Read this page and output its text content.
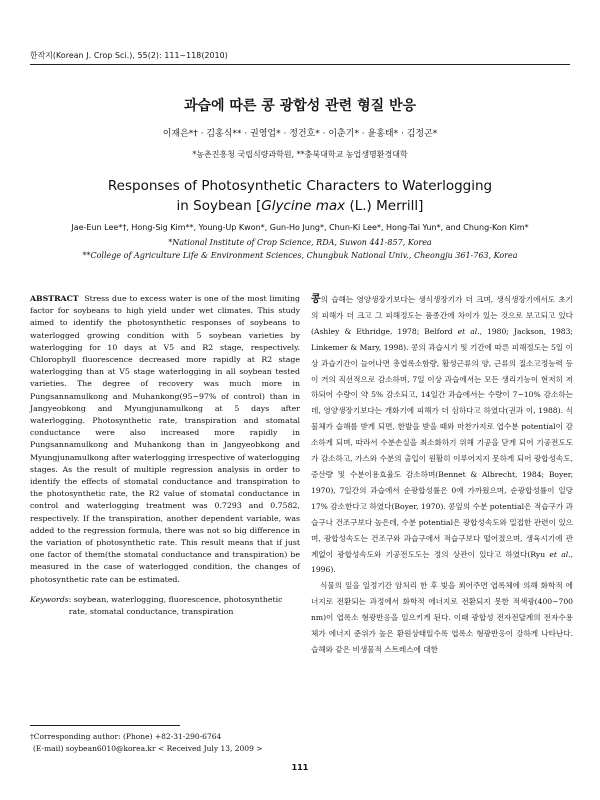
한작지(Korean J. Crop Sci.), 55(2): 111~118(2010)
과습에 따른 콩 광합성 관련 형질 반응
이재은*† · 김홍식** · 권영업* · 정건호* · 이춘기* · 윤홍태* · 김정곤*
*농촌진흥청 국립식량과학원, **충북대학교 농업생명환경대학
Responses of Photosynthetic Characters to Waterlogging
in Soybean [Glycine max (L.) Merrill]
Jae-Eun Lee*†, Hong-Sig Kim**, Young-Up Kwon*, Gun-Ho Jung*, Chun-Ki Lee*, Hong-Tai Yun*, and Chung-Kon Kim*
*National Institute of Crop Science, RDA, Suwon 441-857, Korea
**College of Agriculture Life & Environment Sciences, Chungbuk National Univ., Cheongju 361-763, Korea

ABSTRACT Stress due to excess water is one of the most limiting factor for soybeans to high yield under wet climates. This study aimed to identify the photosynthetic responses of soybeans to waterlogged growing condition with 5 soybean varieties by waterlogging for 10 days at V5 and R2 stage, respectively. Chlorophyll fluorescence decreased more rapidly at R2 stage waterlogging than at V5 stage waterlogging in all soybean tested varieties. The degree of recovery was much more in Pungsannamulkong and Muhankong(95~97% of control) than in Jangyeobkong and Myungjunamulkong at 5 days after waterlogging. Photosynthetic rate, transpiration and stomatal conductance were also increased more rapidly in Pungsannamulkong and Muhankong than in Jangyeobkong and Myungjunamulkong after waterlogging irrespective of waterlogging stages. As the result of multiple regression analysis in order to identify the effects of stomatal conductance and transpiration to the photosynthetic rate, the R2 value of stomatal conductance in control and waterlogging treatment was 0.7293 and 0.7582, respectively. If the transpiration, another dependent variable, was added to the regression formula, there was not so big difference in the variation of photosynthetic rate. This result means that if just one factor of them(the stomatal conductance and transpiration) be measured in the case of waterlogged condition, the changes of photosynthetic rate can be estimated.

Keywords : soybean, waterlogging, fluorescence, photosynthetic rate, stomatal conductance, transpiration
†Corresponding author: (Phone) +82-31-290-6764
(E-mail) soybean6010@korea.kr < Received July 13, 2009 >

콩의 습해는 영양생장기보다는 생식생장기가 더 크며, 생식생장기에서도 초기의 피해가 더 크고 그 피해정도는 품종간에 차이가 있는 것으로 보고되고 있다(Ashley & Ethridge, 1978; Belford et al., 1980; Jackson, 1983; Linkemer & Mary, 1998). 콩의 과습시기 및 기간에 따른 피해정도는 5일 이상 과습기간이 늘어나면 총엽록소함량, 활성근류의 양, 근류의 질소고정능력 등이 거의 직선적으로 감소하며, 7일 이상 과습에서는 모든 생리기능이 현저히 저하되어 수량이 약 5% 감소되고, 14일간 과습에서는 수량이 7~10% 감소하는데, 영양생장기보다는 개화기에 피해가 더 심하다고 하였다(권과 이, 1988). 식물체가 습해를 받게 되면, 한발을 받을 때와 마찬가지로 엽수분 potential이 감소하게 되며, 따라서 수분손실을 최소화하기 위해 기공을 닫게 되어 기공전도도가 감소하고, 가스와 수분의 출입이 원활히 이루어지지 못하게 되어 광합성속도, 증산량 및 수분이용효율도 감소하며(Bennet & Albrecht, 1984; Boyer, 1970), 7일간의 과습에서 순광합성률은 0에 가까웠으며, 순광합성률이 일당 17% 감소한다고 하였다(Boyer, 1970). 콩잎의 수분 potential은 적습구가 과습구나 건조구보다 높은데, 수분 potential은 광합성속도와 밀접한 관련이 있으며, 광합성속도는 건조구와 과습구에서 적습구보다 떨어졌으며, 생육시기에 관계없이 광합성속도와 기공전도도는 정의 상관이 있다고 하였다(Ryu et al., 1996).

식물의 잎을 일정기간 암처리 한 후 빛을 쬐어주면 엽록체에 의해 화학적 에너지로 전환되는 과정에서 화학적 에너지로 전환되지 못한 적색광(400~700 nm)이 엽록소 형광반응을 일으키게 된다. 이때 광합성 전자전달계의 전자수용체가 에너지 준위가 높은 환원상태일수록 엽록소 형광반응이 강하게 나타난다. 습해와 같은 비생물적 스트레스에 대한

111
